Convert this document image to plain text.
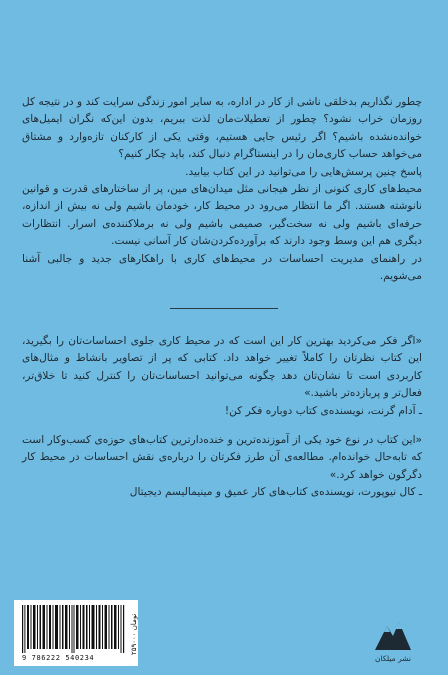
چطور نگذاریم بدخلقی ناشی از کار در اداره، به سایر امور زندگی سرایت کند و در نتیجه کل روزمان خراب نشود؟ چطور از تعطیلات‌مان لذت ببریم، بدون این‌که نگران ایمیل‌های خوانده‌نشده باشیم؟ اگر رئیس جایی هستیم، وقتی یکی از کارکنان تازه‌وارد و مشتاق می‌خواهد حساب کاری‌مان را در اینستاگرام دنبال کند، باید چکار کنیم؟

پاسخ چنین پرسش‌هایی را می‌توانید در این کتاب بیابید.

محیط‌های کاری کنونی از نظر هیجانی مثل میدان‌های مین، پر از ساختارهای قدرت و قوانین نانوشته هستند. اگر ما انتظار می‌رود در محیط کار، خودمان باشیم ولی نه بیش از اندازه، حرفه‌ای باشیم ولی نه سخت‌گیر، صمیمی باشیم ولی نه برملاکننده‌ی اسرار. انتظارات دیگری هم این وسط وجود دارند که برآورده‌کردن‌شان کار آسانی نیست.

در راهنمای مدیریت احساسات در محیط‌های کاری با راهکارهای جدید و جالبی آشنا می‌شویم.

«اگر فکر می‌کردید بهترین کار این است که در محیط کاری جلوی احساسات‌تان را بگیرید، این کتاب نظرتان را کاملاً تغییر خواهد داد. کتابی که پر از تصاویر بانشاط و مثال‌های کاربردی است تا نشان‌تان دهد چگونه می‌توانید احساسات‌تان را کنترل کنید تا خلاق‌تر، فعال‌تر و پربازده‌تر باشید.»
ـ آدام گرنت، نویسنده‌ی کتاب دوباره فکر کن!
«این کتاب در نوع خود یکی از آموزنده‌ترین و خنده‌دارترین کتاب‌های حوزه‌ی کسب‌وکار است که تابه‌حال خوانده‌ام. مطالعه‌ی آن طرز فکرتان را درباره‌ی نقش احساسات در محیط کار دگرگون خواهد کرد.»
ـ کال نیوپورت، نویسنده‌ی کتاب‌های کار عمیق و مینیمالیسم دیجیتال
9 786222 540234
۲۵۹۰۰۰ تومان
نشر میلکان
